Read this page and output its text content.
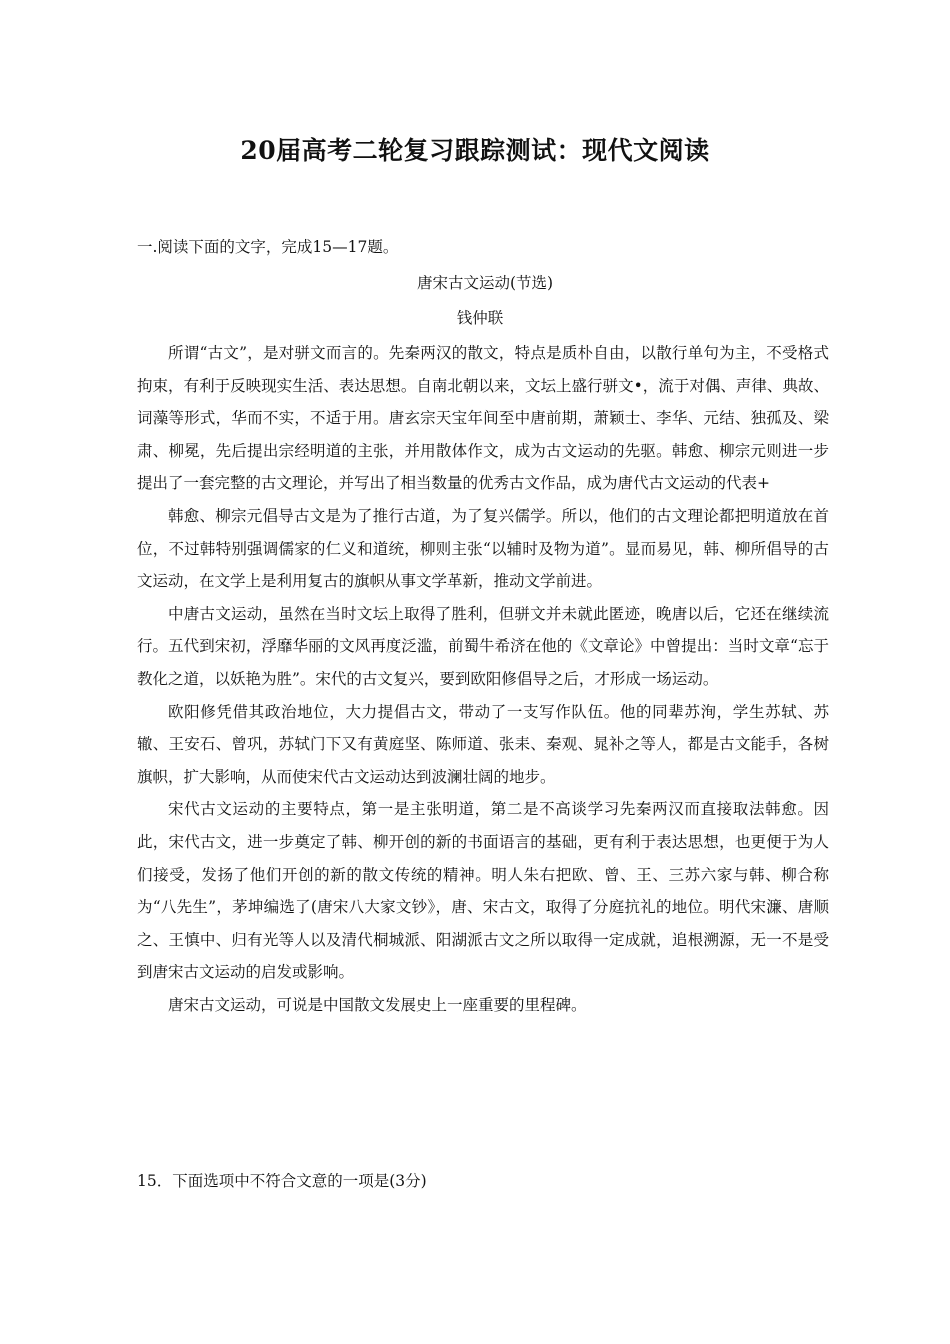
20届高考二轮复习跟踪测试：现代文阅读
一.阅读下面的文字，完成15—17题。
唐宋古文运动(节选)
钱仲联

所谓“古文”，是对骈文而言的。先秦两汉的散文，特点是质朴自由，以散行单句为主，不受格式拘束，有利于反映现实生活、表达思想。自南北朝以来，文坛上盛行骈文•，流于对偶、声律、典故、词藻等形式，华而不实，不适于用。唐玄宗天宝年间至中唐前期，萧颖士、李华、元结、独孤及、梁肃、柳冕，先后提出宗经明道的主张，并用散体作文，成为古文运动的先驱。韩愈、柳宗元则进一步提出了一套完整的古文理论，并写出了相当数量的优秀古文作品，成为唐代古文运动的代表+

韩愈、柳宗元倡导古文是为了推行古道，为了复兴儒学。所以，他们的古文理论都把明道放在首位，不过韩特别强调儒家的仁义和道统，柳则主张“以辅时及物为道”。显而易见，韩、柳所倡导的古文运动，在文学上是利用复古的旗帜从事文学革新，推动文学前进。

中唐古文运动，虽然在当时文坛上取得了胜利，但骈文并未就此匿迹，晚唐以后，它还在继续流行。五代到宋初，浮靡华丽的文风再度泛滥，前蜀牛希济在他的《文章论》中曾提出：当时文章“忘于教化之道，以妖艳为胜”。宋代的古文复兴，要到欧阳修倡导之后，才形成一场运动。

欧阳修凭借其政治地位，大力提倡古文，带动了一支写作队伍。他的同辈苏洵，学生苏轼、苏辙、王安石、曾巩，苏轼门下又有黄庭坚、陈师道、张耒、秦观、晁补之等人，都是古文能手，各树旗帜，扩大影响，从而使宋代古文运动达到波澜壮阔的地步。

宋代古文运动的主要特点，第一是主张明道，第二是不高谈学习先秦两汉而直接取法韩愈。因此，宋代古文，进一步奠定了韩、柳开创的新的书面语言的基础，更有利于表达思想，也更便于为人们接受，发扬了他们开创的新的散文传统的精神。明人朱右把欧、曾、王、三苏六家与韩、柳合称为“八先生”，茅坤编选了(唐宋八大家文钞》，唐、宋古文，取得了分庭抗礼的地位。明代宋濂、唐顺之、王慎中、归有光等人以及清代桐城派、阳湖派古文之所以取得一定成就，追根溯源，无一不是受到唐宋古文运动的启发或影响。

唐宋古文运动，可说是中国散文发展史上一座重要的里程碑。

15．下面选项中不符合文意的一项是(3分)
